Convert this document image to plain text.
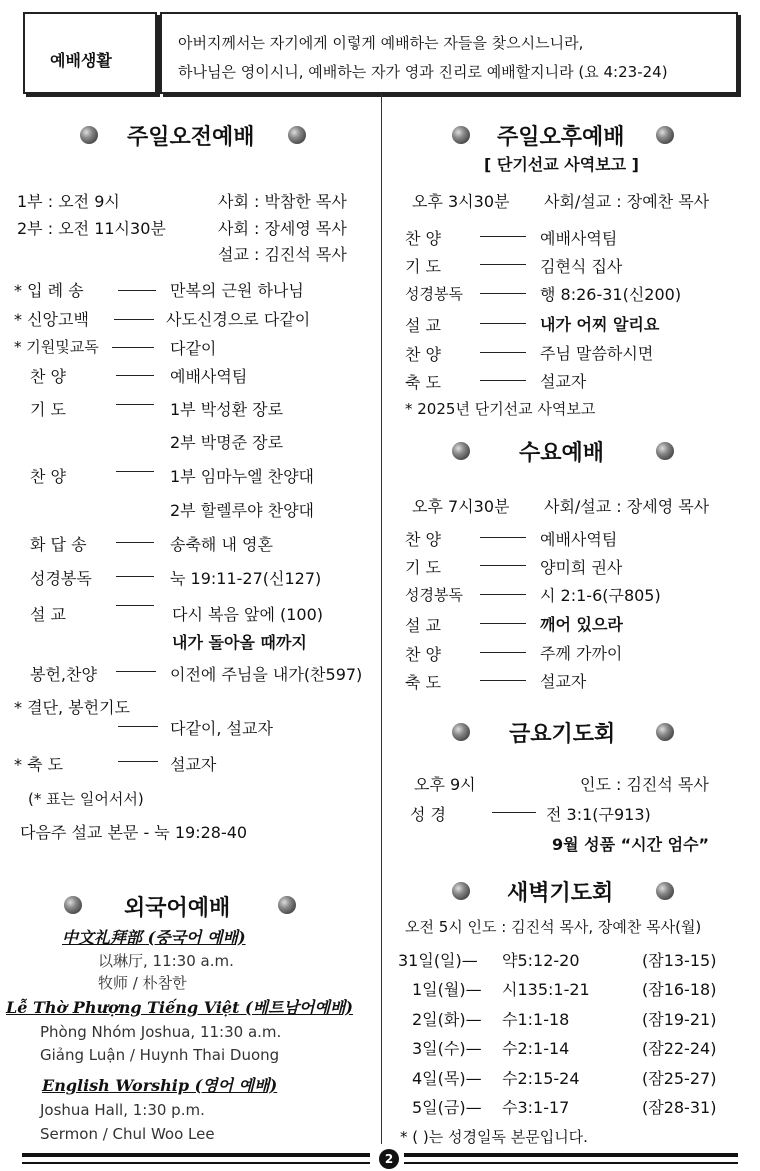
예배생활
아버지께서는 자기에게 이렇게 예배하는 자들을 찾으시느니라,
하나님은 영이시니, 예배하는 자가 영과 진리로 예배할지니라 (요 4:23-24)
주일오전예배
1부 : 오전 9시	사회 : 박참한 목사
2부 : 오전 11시30분	사회 : 장세영 목사
설교 : 김진석 목사
* 입 례 송	만복의 근원 하나님
* 신앙고백	사도신경으로 다같이
* 기원및교독	다같이
찬 양	예배사역팀
기 도	1부 박성환 장로
2부 박명준 장로
찬 양	1부 임마누엘 찬양대
2부 할렐루야 찬양대
화 답 송	송축해 내 영혼
성경봉독	눅 19:11-27(신127)
설 교	다시 복음 앞에 (100)
내가 돌아올 때까지
봉헌,찬양	이전에 주님을 내가(찬597)
* 결단, 봉헌기도
다같이, 설교자
* 축 도	설교자
(* 표는 일어서서)
다음주 설교 본문 - 눅 19:28-40
외국어예배
中文礼拜部 (중국어 예배)
以琳厅, 11:30 a.m.
牧师 / 朴참한
Lễ Thờ Phượng Tiếng Việt (베트남어예배)
Phòng Nhóm Joshua, 11:30 a.m.
Giảng Luận / Huynh Thai Duong
English Worship (영어 예배)
Joshua Hall, 1:30 p.m.
Sermon / Chul Woo Lee
주일오후예배
[ 단기선교 사역보고 ]
오후 3시30분 사회/설교 : 장예찬 목사
찬 양	예배사역팀
기 도	김현식 집사
성경봉독	행 8:26-31(신200)
설 교	내가 어찌 알리요
찬 양	주님 말씀하시면
축 도	설교자
* 2025년 단기선교 사역보고
수요예배
오후 7시30분 사회/설교 : 장세영 목사
찬 양	예배사역팀
기 도	양미희 권사
성경봉독	시 2:1-6(구805)
설 교	깨어 있으라
찬 양	주께 가까이
축 도	설교자
금요기도회
오후 9시	인도 : 김진석 목사
성 경	전 3:1(구913)
9월 성품 “시간 엄수”
새벽기도회
오전 5시 인도 : 김진석 목사, 장예찬 목사(월)
31일(일)— 약5:12-20	(잠13-15)
1일(월)— 시135:1-21	(잠16-18)
2일(화)— 수1:1-18	(잠19-21)
3일(수)— 수2:1-14	(잠22-24)
4일(목)— 수2:15-24	(잠25-27)
5일(금)— 수3:1-17	(잠28-31)
* ( )는 성경일독 본문입니다.
2
